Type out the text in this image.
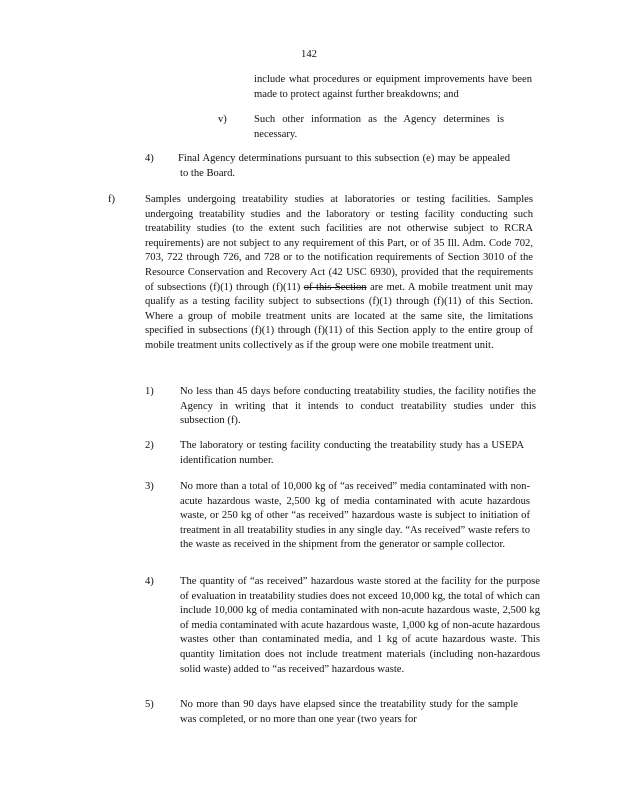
142

include what procedures or equipment improvements have been made to protect against further breakdowns; and

v)	Such other information as the Agency determines is necessary.

4) Final Agency determinations pursuant to this subsection (e) may be appealed to the Board.

f)	Samples undergoing treatability studies at laboratories or testing facilities. Samples undergoing treatability studies and the laboratory or testing facility conducting such treatability studies (to the extent such facilities are not otherwise subject to RCRA requirements) are not subject to any requirement of this Part, or of 35 Ill. Adm. Code 702, 703, 722 through 726, and 728 or to the notification requirements of Section 3010 of the Resource Conservation and Recovery Act (42 USC 6930), provided that the requirements of subsections (f)(1) through (f)(11) of this Section are met. A mobile treatment unit may qualify as a testing facility subject to subsections (f)(1) through (f)(11) of this Section. Where a group of mobile treatment units are located at the same site, the limitations specified in subsections (f)(1) through (f)(11) of this Section apply to the entire group of mobile treatment units collectively as if the group were one mobile treatment unit.

1) No less than 45 days before conducting treatability studies, the facility notifies the Agency in writing that it intends to conduct treatability studies under this subsection (f).

2) The laboratory or testing facility conducting the treatability study has a USEPA identification number.

3) No more than a total of 10,000 kg of “as received” media contaminated with non-acute hazardous waste, 2,500 kg of media contaminated with acute hazardous waste, or 250 kg of other “as received” hazardous waste is subject to initiation of treatment in all treatability studies in any single day. “As received” waste refers to the waste as received in the shipment from the generator or sample collector.

4) The quantity of “as received” hazardous waste stored at the facility for the purpose of evaluation in treatability studies does not exceed 10,000 kg, the total of which can include 10,000 kg of media contaminated with non-acute hazardous waste, 2,500 kg of media contaminated with acute hazardous waste, 1,000 kg of non-acute hazardous wastes other than contaminated media, and 1 kg of acute hazardous waste. This quantity limitation does not include treatment materials (including non-hazardous solid waste) added to “as received” hazardous waste.

5) No more than 90 days have elapsed since the treatability study for the sample was completed, or no more than one year (two years for
